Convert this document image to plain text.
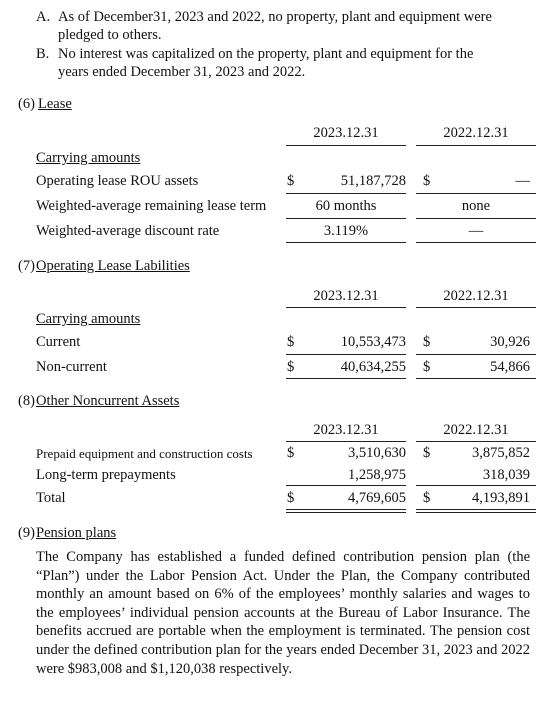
A. As of December31, 2023 and 2022, no property, plant and equipment were
pledged to others.
B. No interest was capitalized on the property, plant and equipment for the
years ended December 31, 2023 and 2022.
(6) Lease
2023.12.31	2022.12.31
Carrying amounts
Operating lease ROU assets	$	51,187,728 $	—
Weighted-average remaining lease term	60 months	none
Weighted-average discount rate	3.119%	—
(7) Operating Lease Labilities
2023.12.31	2022.12.31
Carrying amounts
Current	$	10,553,473 $	30,926
Non-current	$	40,634,255 $	54,866
(8) Other Noncurrent Assets
2023.12.31	2022.12.31
Prepaid equipment and construction costs $	3,510,630 $	3,875,852
Long-term prepayments	1,258,975	318,039
Total	$	4,769,605 $	4,193,891
(9) Pension plans
The Company has established a funded defined contribution pension plan (the “Plan”) under the Labor Pension Act. Under the Plan, the Company contributed monthly an amount based on 6% of the employees’ monthly salaries and wages to the employees’ individual pension accounts at the Bureau of Labor Insurance. The benefits accrued are portable when the employment is terminated. The pension cost under the defined contribution plan for the years ended December 31, 2023 and 2022 were $983,008 and $1,120,038 respectively.
